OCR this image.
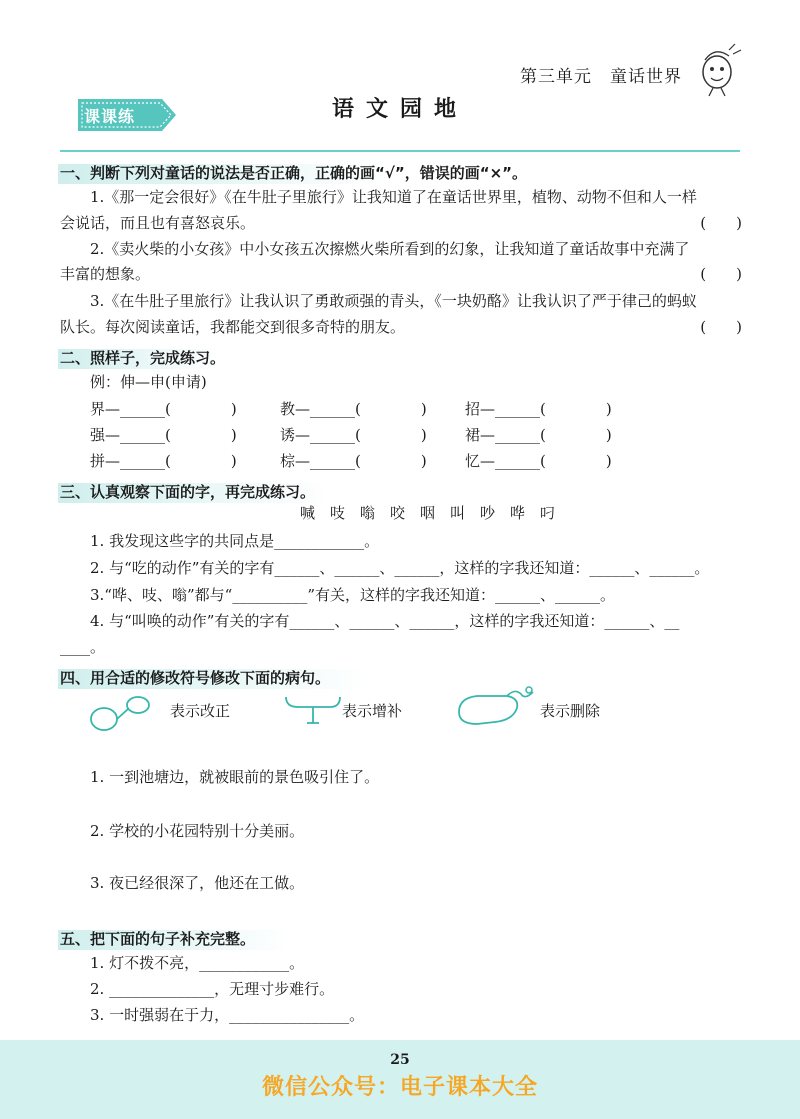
第三单元　童话世界
课课练	语文园地
一、判断下列对童话的说法是否正确，正确的画“√”，错误的画“×”。
1.《那一定会很好》《在牛肚子里旅行》让我知道了在童话世界里，植物、动物不但和人一样
会说话，而且也有喜怒哀乐。	(　　)
2.《卖火柴的小女孩》中小女孩五次擦燃火柴所看到的幻象，让我知道了童话故事中充满了
丰富的想象。	(　　)
3.《在牛肚子里旅行》让我认识了勇敢顽强的青头，《一块奶酪》让我认识了严于律己的蚂蚁
队长。每次阅读童话，我都能交到很多奇特的朋友。	(　　)
二、照样子，完成练习。
例：伸—申(申请)
界—______(　　　　)	教—______(　　　　)	招—______(　　　　)
强—______(　　　　)	诱—______(　　　　)	裙—______(　　　　)
拼—______(　　　　)	棕—______(　　　　)	忆—______(　　　　)
三、认真观察下面的字，再完成练习。
喊　吱　嗡　咬　咽　叫　吵　哗　叼
1. 我发现这些字的共同点是____________。
2. 与“吃的动作”有关的字有______、______、______，这样的字我还知道：______、______。
3.“哗、吱、嗡”都与“__________”有关，这样的字我还知道：______、______。
4. 与“叫唤的动作”有关的字有______、______、______，这样的字我还知道：______、__
____。
四、用合适的修改符号修改下面的病句。
表示改正	表示增补	表示删除
1. 一到池塘边，就被眼前的景色吸引住了。
2. 学校的小花园特别十分美丽。
3. 夜已经很深了，他还在工做。
五、把下面的句子补充完整。
1. 灯不拨不亮，____________。
2. ______________，无理寸步难行。
3. 一时强弱在于力，________________。
25
微信公众号：电子课本大全
